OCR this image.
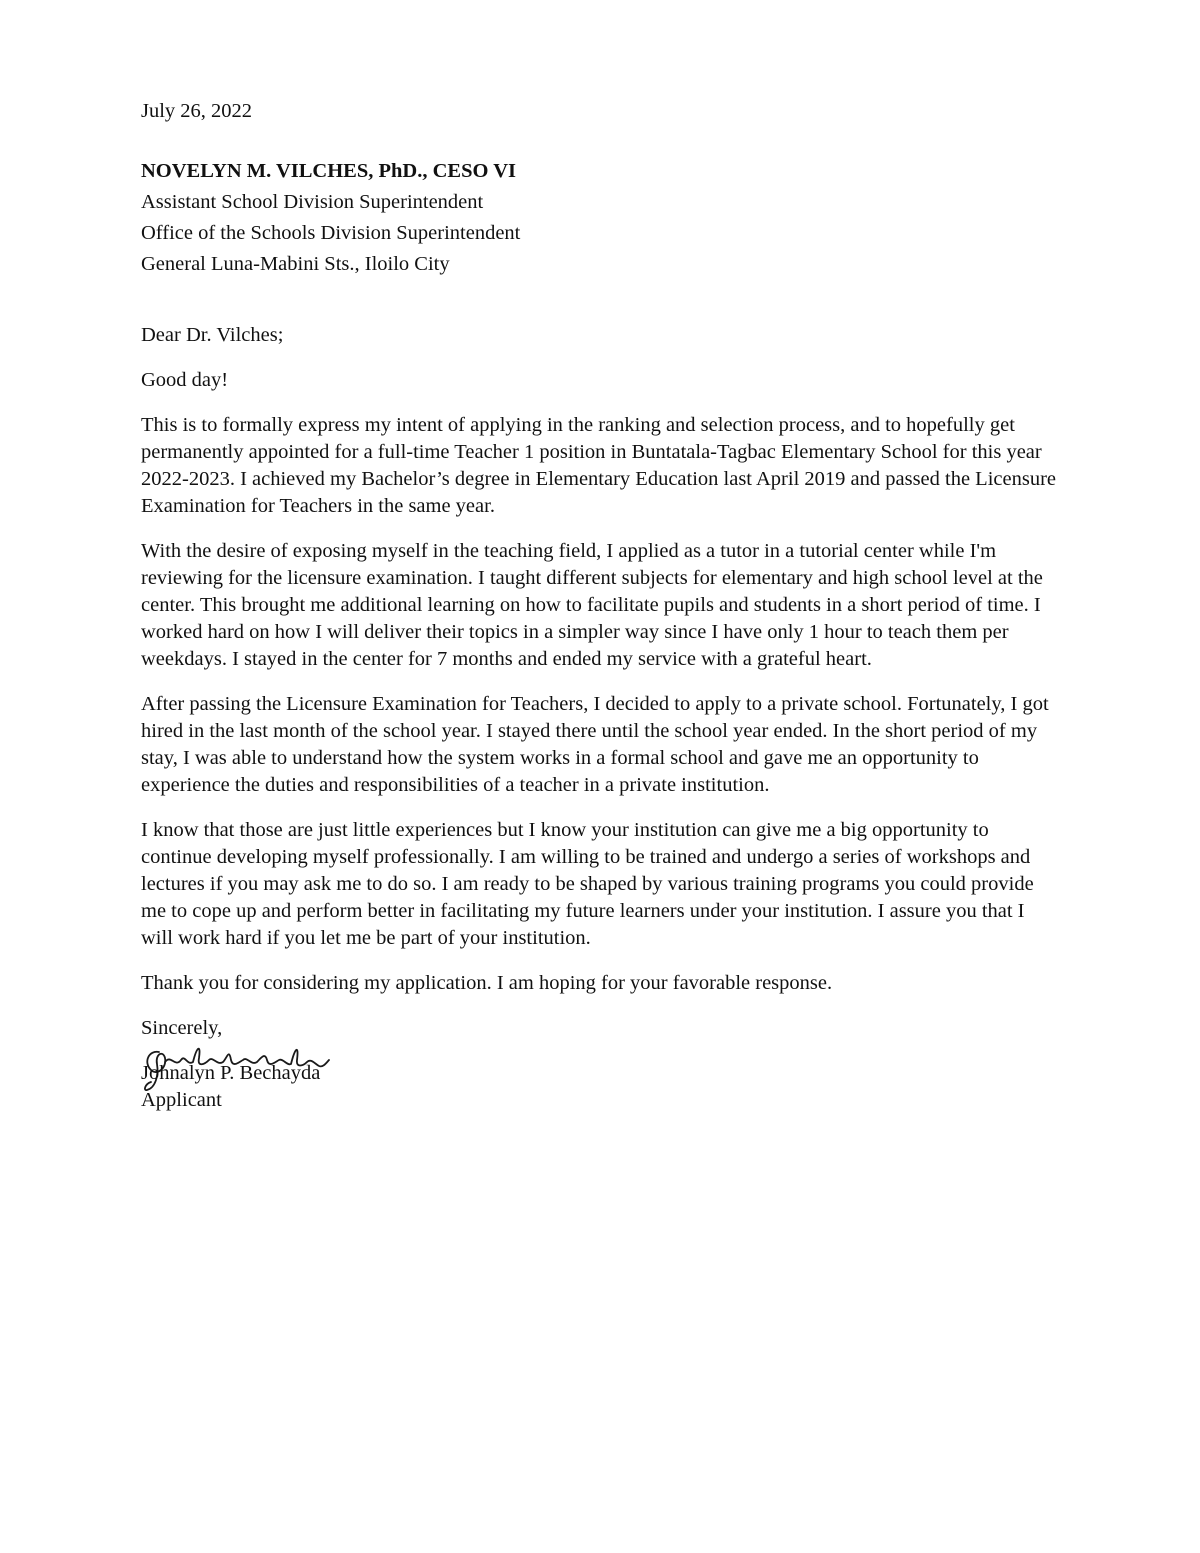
July 26, 2022

NOVELYN M. VILCHES, PhD., CESO VI

Assistant School Division Superintendent

Office of the Schools Division Superintendent

General Luna-Mabini Sts., Iloilo City

Dear Dr. Vilches;

Good day!

This is to formally express my intent of applying in the ranking and selection process, and to hopefully get permanently appointed for a full-time Teacher 1 position in Buntatala-Tagbac Elementary School for this year 2022-2023. I achieved my Bachelor’s degree in Elementary Education last April 2019 and passed the Licensure Examination for Teachers in the same year.

With the desire of exposing myself in the teaching field, I applied as a tutor in a tutorial center while I'm reviewing for the licensure examination. I taught different subjects for elementary and high school level at the center. This brought me additional learning on how to facilitate pupils and students in a short period of time. I worked hard on how I will deliver their topics in a simpler way since I have only 1 hour to teach them per weekdays. I stayed in the center for 7 months and ended my service with a grateful heart.

After passing the Licensure Examination for Teachers, I decided to apply to a private school. Fortunately, I got hired in the last month of the school year. I stayed there until the school year ended. In the short period of my stay, I was able to understand how the system works in a formal school and gave me an opportunity to experience the duties and responsibilities of a teacher in a private institution.

I know that those are just little experiences but I know your institution can give me a big opportunity to continue developing myself professionally. I am willing to be trained and undergo a series of workshops and lectures if you may ask me to do so. I am ready to be shaped by various training programs you could provide me to cope up and perform better in facilitating my future learners under your institution. I assure you that I will work hard if you let me be part of your institution.

Thank you for considering my application. I am hoping for your favorable response.

Sincerely,

Johnalyn P. Bechayda

Applicant
